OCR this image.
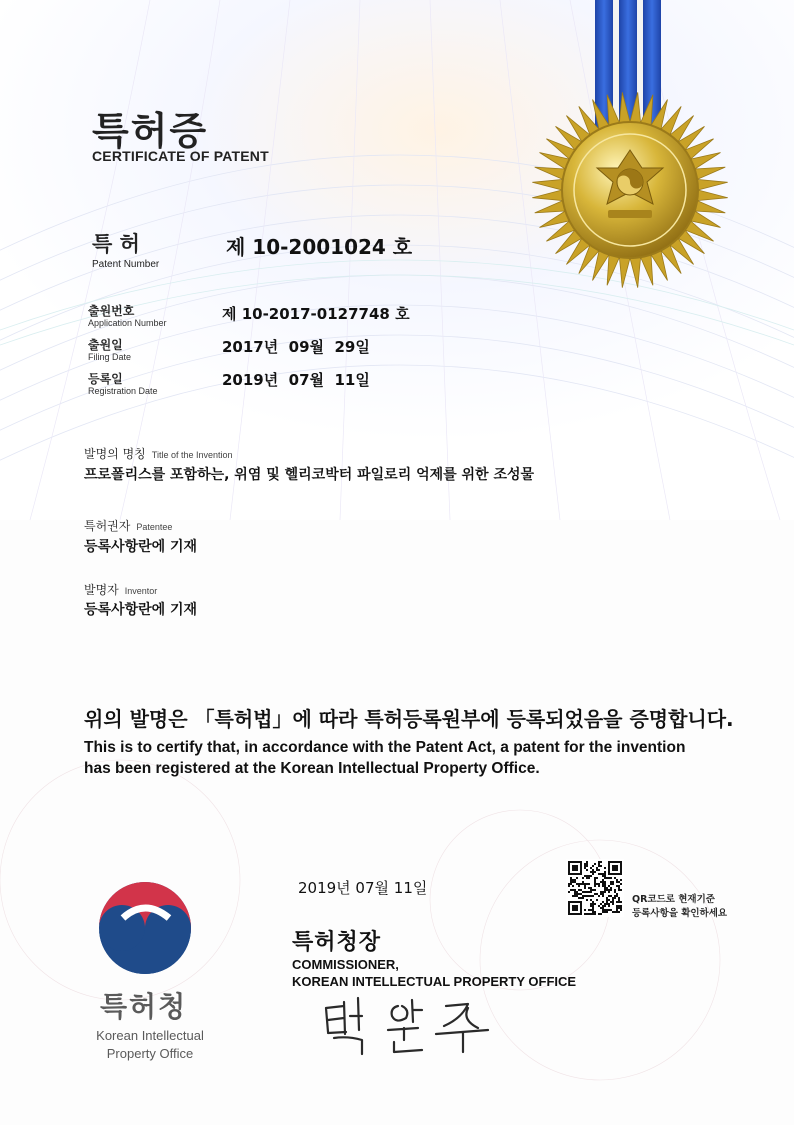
특허증
CERTIFICATE OF PATENT
특 허
Patent Number
제 10-2001024 호
출원번호
Application Number	제 10-2017-0127748 호
출원일
Filing Date
2017년  09월  29일
등록일
Registration Date
2019년  07월  11일
발명의 명칭 Title of the Invention
프로폴리스를 포함하는, 위염 및 헬리코박터 파일로리 억제를 위한 조성물
특허권자 Patentee
등록사항란에 기재
발명자 Inventor
등록사항란에 기재
위의 발명은 「특허법」에 따라 특허등록원부에 등록되었음을 증명합니다.
This is to certify that, in accordance with the Patent Act, a patent for the invention
has been registered at the Korean Intellectual Property Office.
2019년 07월 11일
QR코드로 현재기준
등록사항을 확인하세요
특허청장
COMMISSIONER,
KOREAN INTELLECTUAL PROPERTY OFFICE
특허청
Korean Intellectual
Property Office
